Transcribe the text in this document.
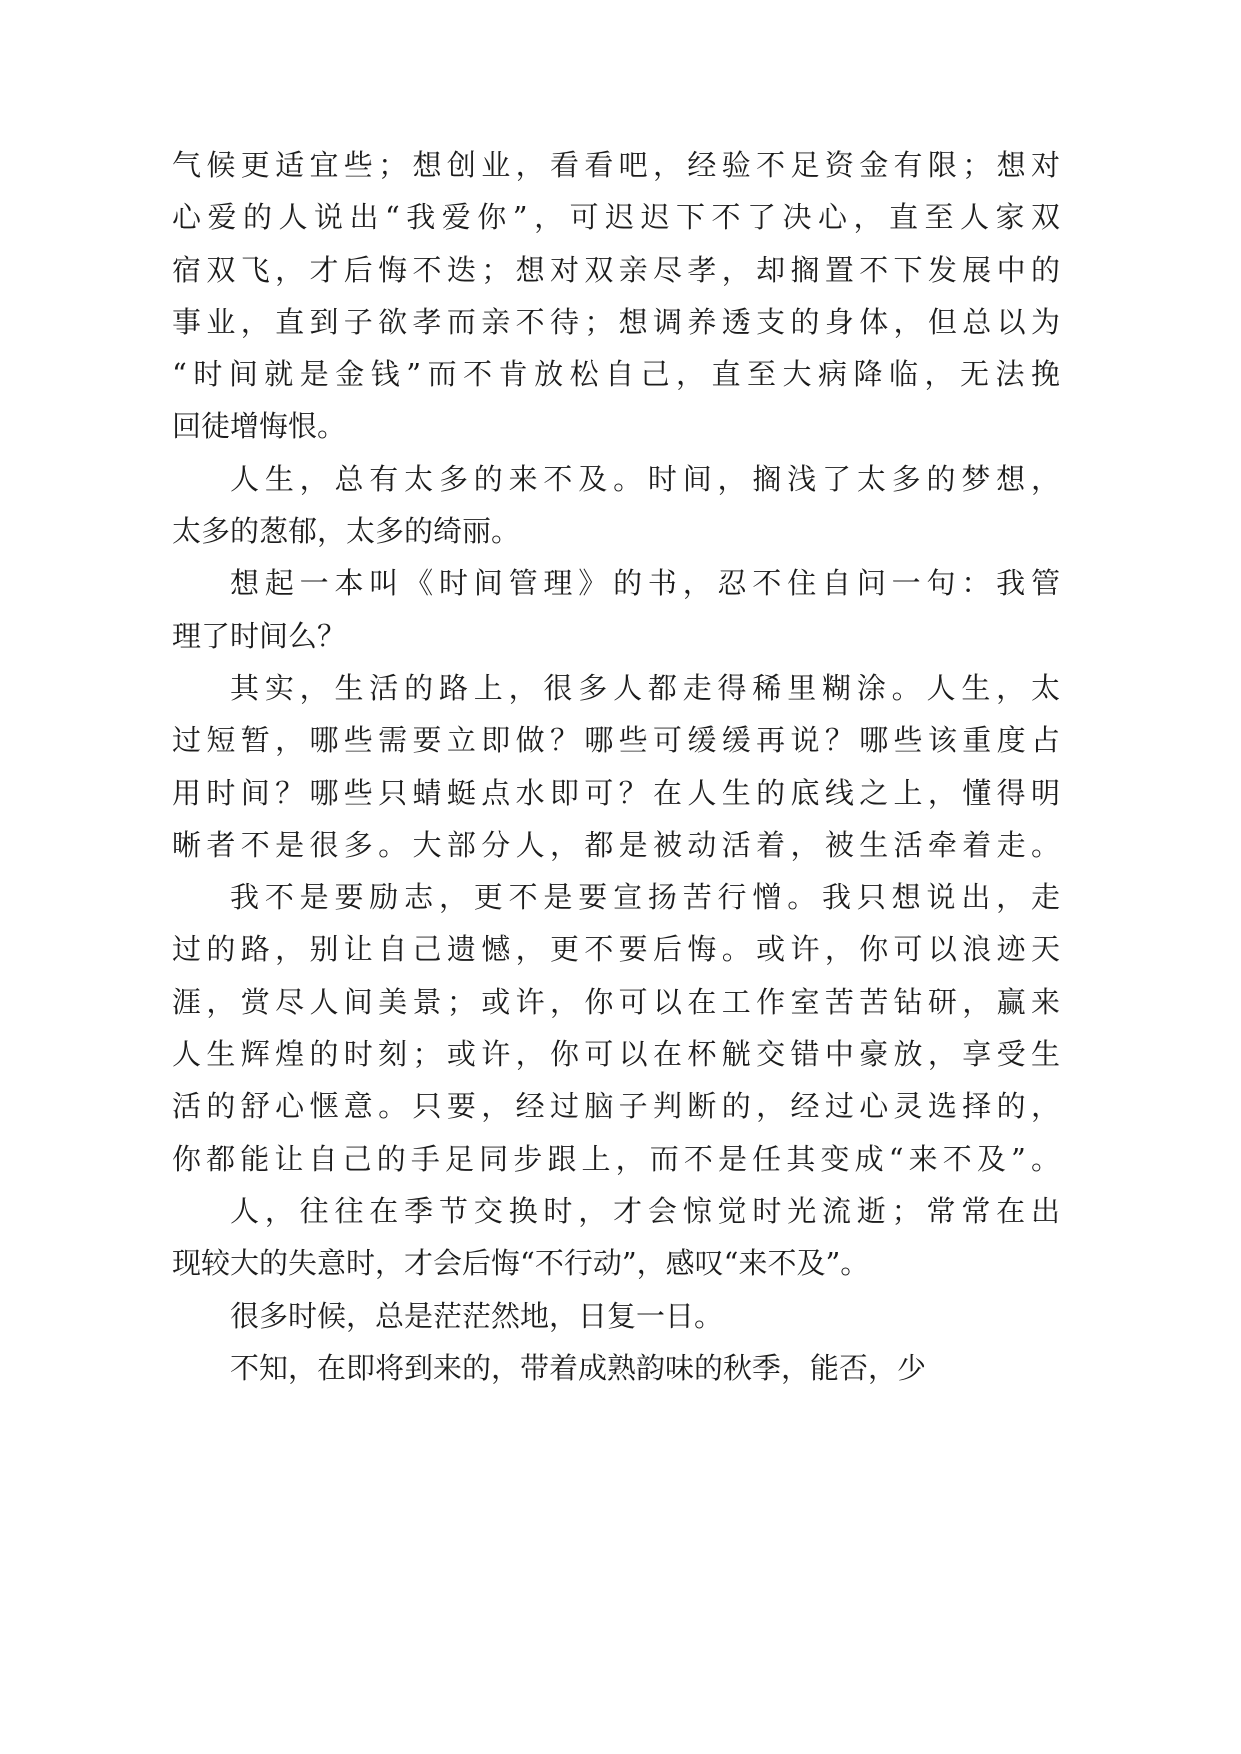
气候更适宜些；想创业，看看吧，经验不足资金有限；想对
心爱的人说出“我爱你”，可迟迟下不了决心，直至人家双
宿双飞，才后悔不迭；想对双亲尽孝，却搁置不下发展中的
事业，直到子欲孝而亲不待；想调养透支的身体，但总以为
“时间就是金钱”而不肯放松自己，直至大病降临，无法挽
回徒增悔恨。
人生，总有太多的来不及。时间，搁浅了太多的梦想，
太多的葱郁，太多的绮丽。
想起一本叫《时间管理》的书，忍不住自问一句：我管
理了时间么？
其实，生活的路上，很多人都走得稀里糊涂。人生，太
过短暂，哪些需要立即做？哪些可缓缓再说？哪些该重度占
用时间？哪些只蜻蜓点水即可？在人生的底线之上，懂得明
晰者不是很多。大部分人，都是被动活着，被生活牵着走。
我不是要励志，更不是要宣扬苦行憎。我只想说出，走
过的路，别让自己遗憾，更不要后悔。或许，你可以浪迹天
涯，赏尽人间美景；或许，你可以在工作室苦苦钻研，赢来
人生辉煌的时刻；或许，你可以在杯觥交错中豪放，享受生
活的舒心惬意。只要，经过脑子判断的，经过心灵选择的，
你都能让自己的手足同步跟上，而不是任其变成“来不及”。
人，往往在季节交换时，才会惊觉时光流逝；常常在出
现较大的失意时，才会后悔“不行动”，感叹“来不及”。
很多时候，总是茫茫然地，日复一日。
不知，在即将到来的，带着成熟韵味的秋季，能否，少
